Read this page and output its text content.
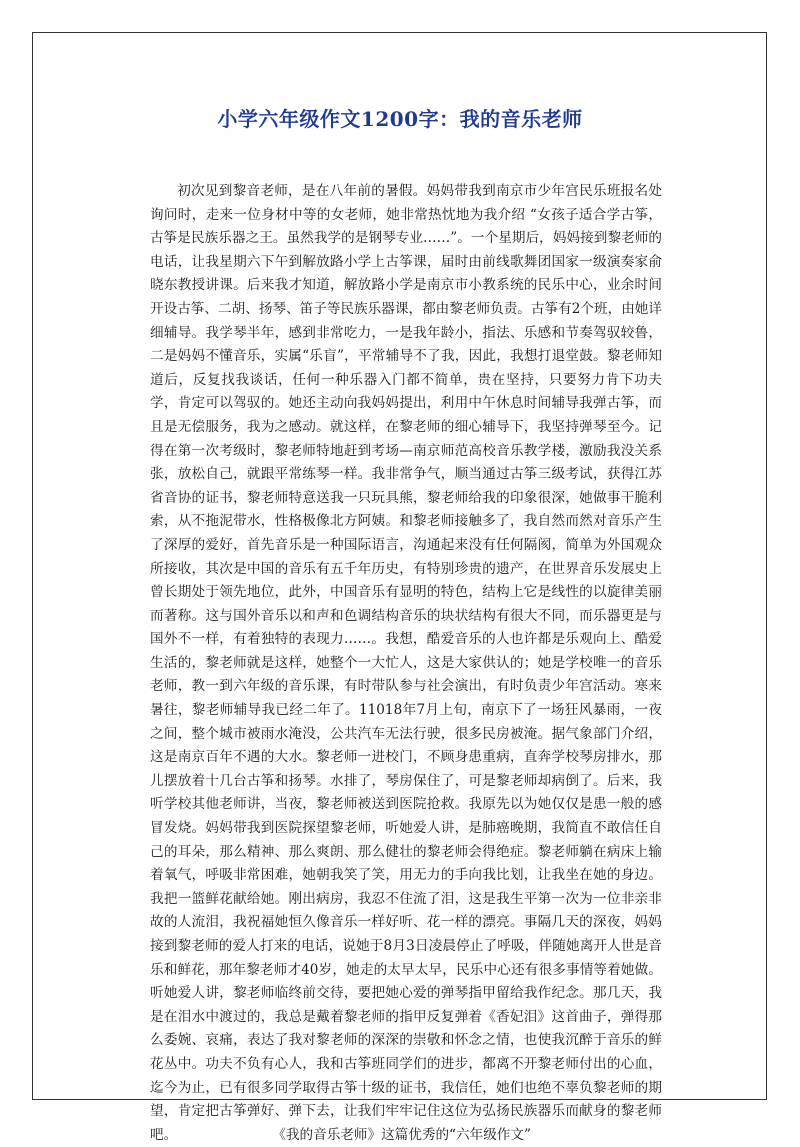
小学六年级作文1200字：我的音乐老师

初次见到黎音老师，是在八年前的暑假。妈妈带我到南京市少年宫民乐班报名处询问时，走来一位身材中等的女老师，她非常热忱地为我介绍 “女孩子适合学古筝，古筝是民族乐器之王。虽然我学的是钢琴专业……”。一个星期后，妈妈接到黎老师的电话，让我星期六下午到解放路小学上古筝课，届时由前线歌舞团国家一级演奏家俞晓东教授讲课。后来我才知道，解放路小学是南京市小教系统的民乐中心，业余时间开设古筝、二胡、扬琴、笛子等民族乐器课，都由黎老师负责。古筝有2个班，由她详细辅导。我学琴半年，感到非常吃力，一是我年龄小，指法、乐感和节奏驾驭较鲁，二是妈妈不懂音乐，实属“乐盲”，平常辅导不了我，因此，我想打退堂鼓。黎老师知道后，反复找我谈话，任何一种乐器入门都不简单，贵在坚持，只要努力肯下功夫学，肯定可以驾驭的。她还主动向我妈妈提出，利用中午休息时间辅导我弹古筝，而且是无偿服务，我为之感动。就这样，在黎老师的细心辅导下，我坚持弹琴至今。记得在第一次考级时，黎老师特地赶到考场—南京师范高校音乐教学楼，激励我没关系张，放松自己，就跟平常练琴一样。我非常争气，顺当通过古筝三级考试，获得江苏省音协的证书，黎老师特意送我一只玩具熊，黎老师给我的印象很深，她做事干脆利索，从不拖泥带水，性格极像北方阿姨。和黎老师接触多了，我自然而然对音乐产生了深厚的爱好，首先音乐是一种国际语言，沟通起来没有任何隔阂，简单为外国观众所接收，其次是中国的音乐有五千年历史，有特别珍贵的遗产，在世界音乐发展史上曾长期处于领先地位，此外，中国音乐有显明的特色，结构上它是线性的以旋律美丽而著称。这与国外音乐以和声和色调结构音乐的块状结构有很大不同，而乐器更是与国外不一样，有着独特的表现力……。我想，酷爱音乐的人也许都是乐观向上、酷爱生活的，黎老师就是这样，她整个一大忙人，这是大家供认的；她是学校唯一的音乐老师，教一到六年级的音乐课，有时带队参与社会演出，有时负责少年宫活动。寒来暑往，黎老师辅导我已经二年了。11018年7月上旬，南京下了一场狂风暴雨，一夜之间，整个城市被雨水淹没，公共汽车无法行驶，很多民房被淹。据气象部门介绍，这是南京百年不遇的大水。黎老师一进校门，不顾身患重病，直奔学校琴房排水，那儿摆放着十几台古筝和扬琴。水排了，琴房保住了，可是黎老师却病倒了。后来，我听学校其他老师讲，当夜，黎老师被送到医院抢救。我原先以为她仅仅是患一般的感冒发烧。妈妈带我到医院探望黎老师，听她爱人讲，是肺癌晚期，我简直不敢信任自己的耳朵，那么精神、那么爽朗、那么健壮的黎老师会得绝症。黎老师躺在病床上输着氧气，呼吸非常困难，她朝我笑了笑，用无力的手向我比划，让我坐在她的身边。我把一篮鲜花献给她。刚出病房，我忍不住流了泪，这是我生平第一次为一位非亲非故的人流泪，我祝福她恒久像音乐一样好听、花一样的漂亮。事隔几天的深夜，妈妈接到黎老师的爱人打来的电话，说她于8月3日凌晨停止了呼吸，伴随她离开人世是音乐和鲜花，那年黎老师才40岁，她走的太早太早，民乐中心还有很多事情等着她做。听她爱人讲，黎老师临终前交待，要把她心爱的弹琴指甲留给我作纪念。那几天，我是在泪水中渡过的，我总是戴着黎老师的指甲反复弹着《香妃泪》这首曲子，弹得那么委婉、哀痛，表达了我对黎老师的深深的崇敬和怀念之情，也使我沉醉于音乐的鲜花丛中。功夫不负有心人，我和古筝班同学们的进步，都离不开黎老师付出的心血，迄今为止，已有很多同学取得古筝十级的证书，我信任，她们也绝不辜负黎老师的期望，肯定把古筝弹好、弹下去，让我们牢牢记住这位为弘扬民族器乐而献身的黎老师吧。　　　　　　　　	《我的音乐老师》这篇优秀的“六年级作文”
